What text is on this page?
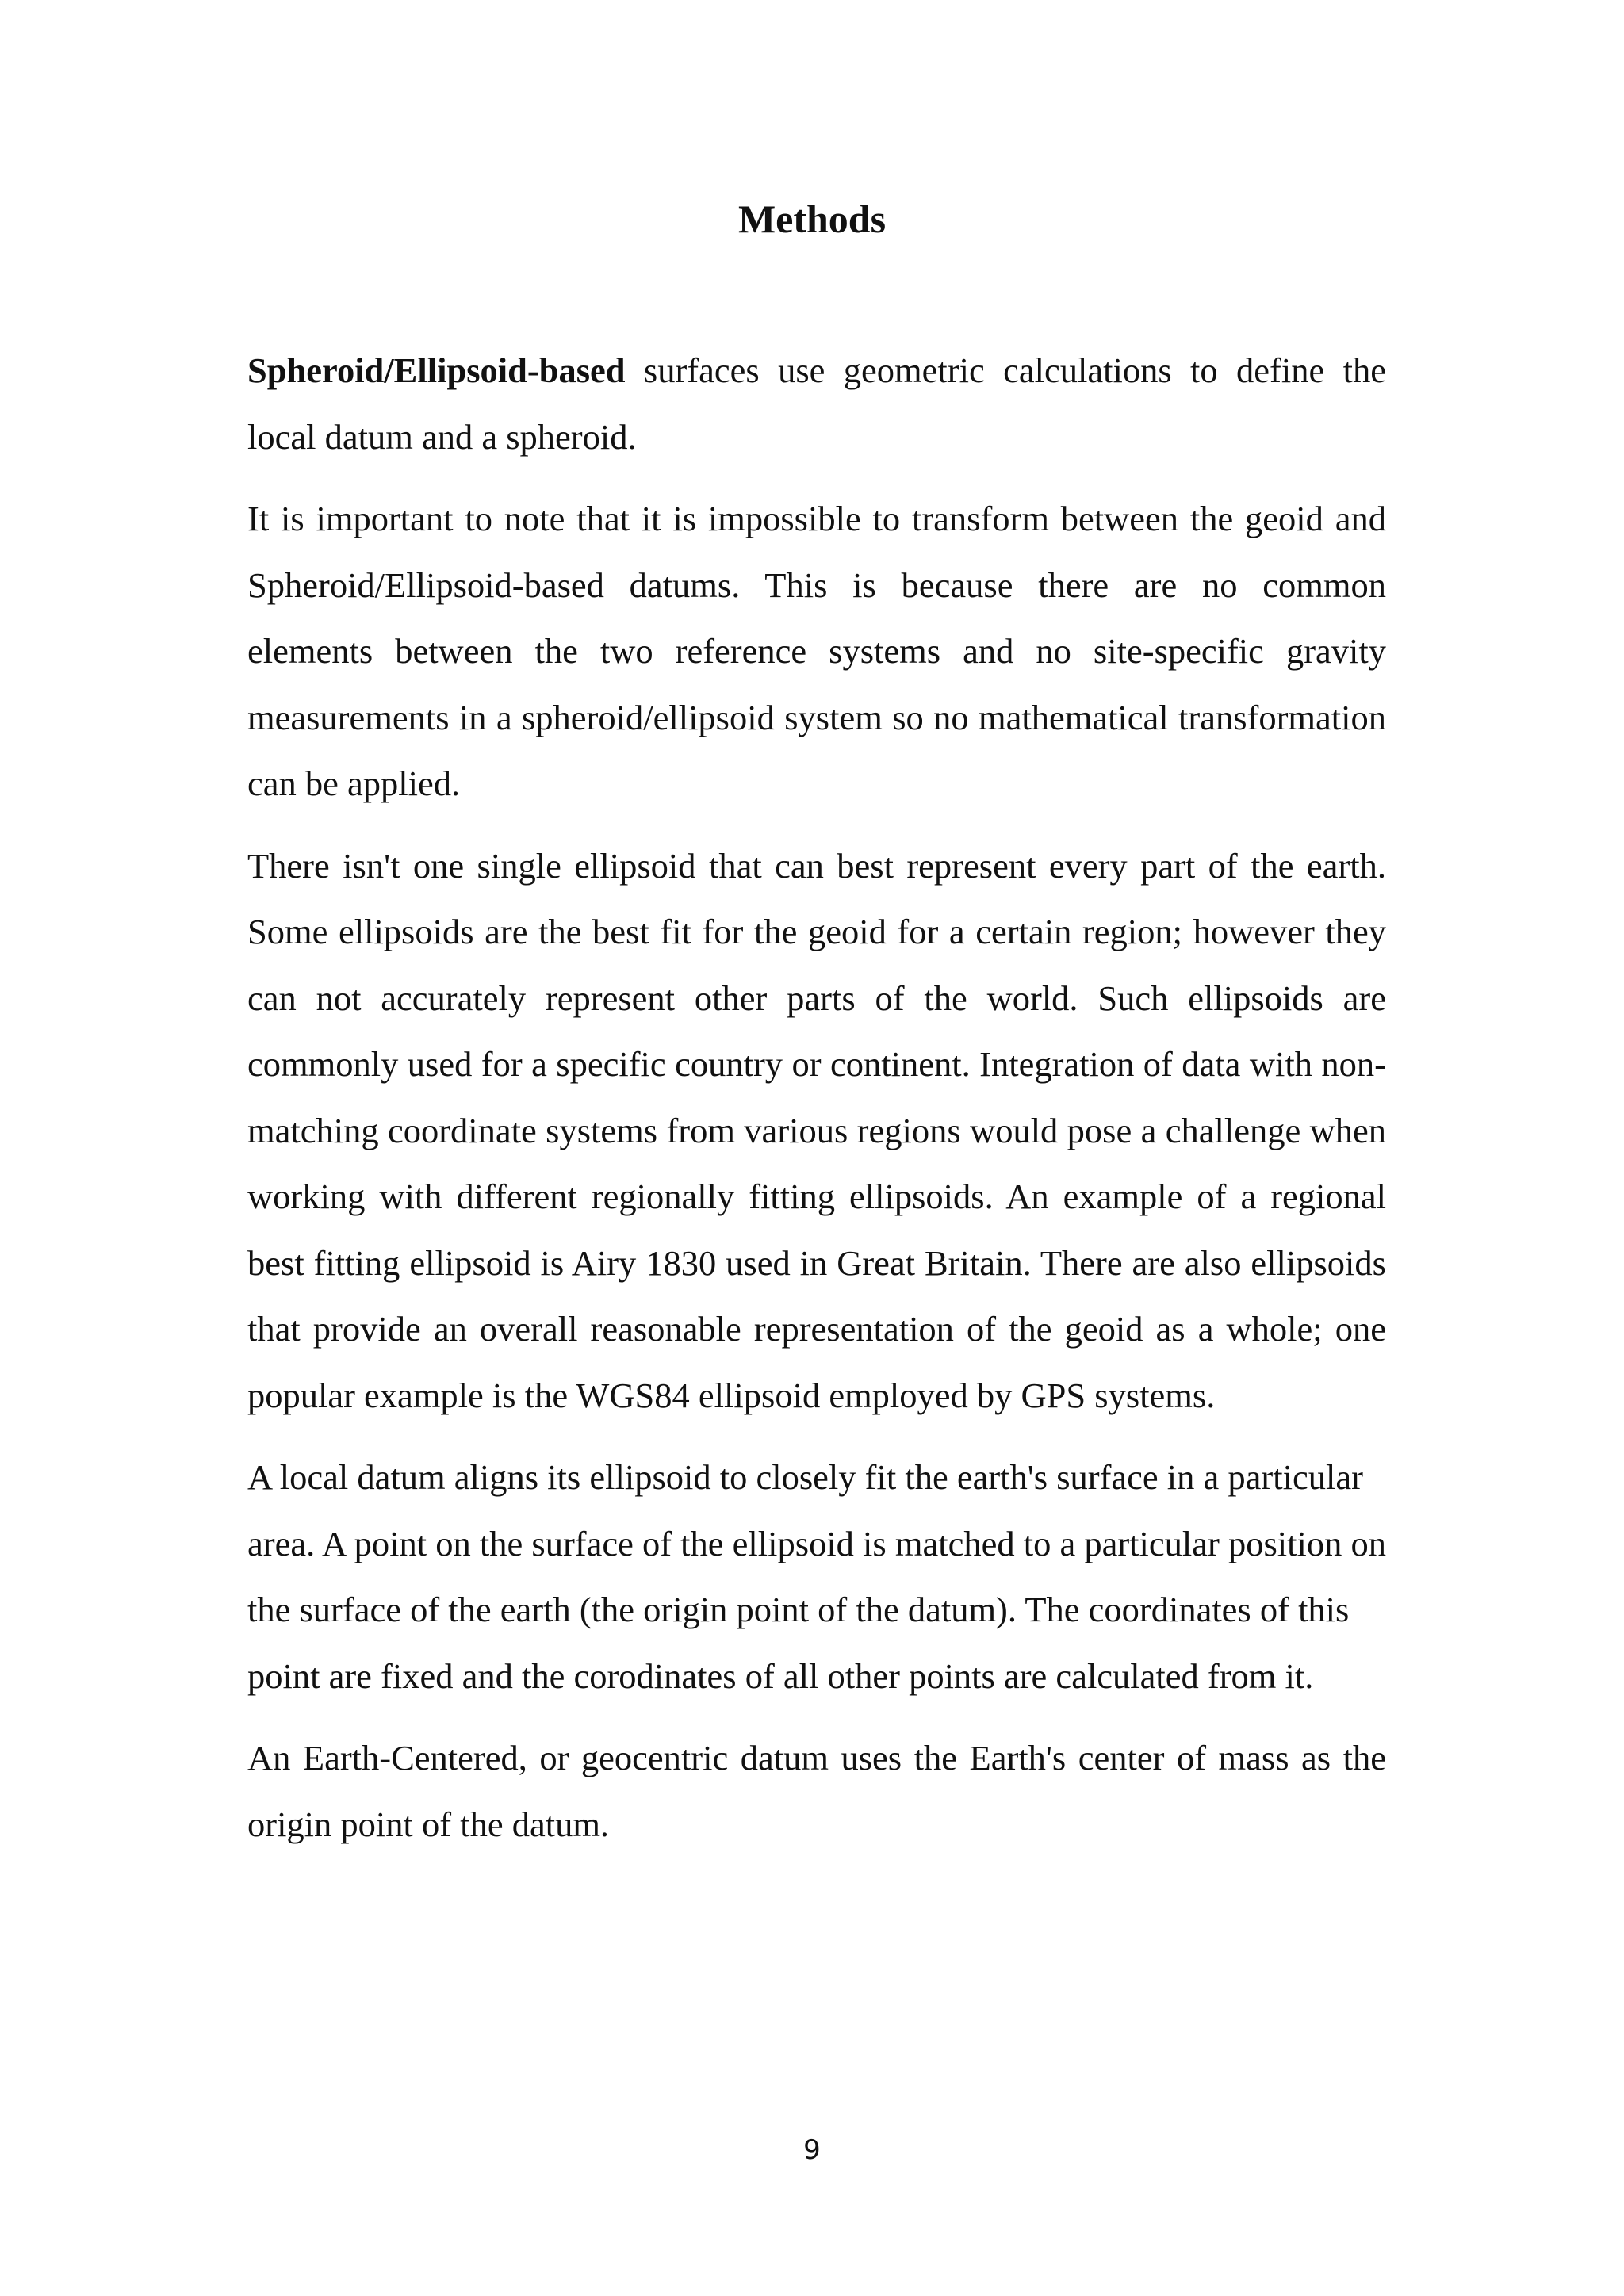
Methods

Spheroid/Ellipsoid-based surfaces use geometric calculations to define the local datum and a spheroid.

It is important to note that it is impossible to transform between the geoid and Spheroid/Ellipsoid-based datums. This is because there are no common elements between the two reference systems and no site-specific gravity measurements in a spheroid/ellipsoid system so no mathematical transformation can be applied.

There isn't one single ellipsoid that can best represent every part of the earth. Some ellipsoids are the best fit for the geoid for a certain region; however they can not accurately represent other parts of the world. Such ellipsoids are commonly used for a specific country or continent. Integration of data with non-matching coordinate systems from various regions would pose a challenge when working with different regionally fitting ellipsoids. An example of a regional best fitting ellipsoid is Airy 1830 used in Great Britain. There are also ellipsoids that provide an overall reasonable representation of the geoid as a whole; one popular example is the WGS84 ellipsoid employed by GPS systems.

A local datum aligns its ellipsoid to closely fit the earth's surface in a particular area. A point on the surface of the ellipsoid is matched to a particular position on the surface of the earth (the origin point of the datum). The coordinates of this point are fixed and the corodinates of all other points are calculated from it.

An Earth-Centered, or geocentric datum uses the Earth's center of mass as the origin point of the datum.

9
